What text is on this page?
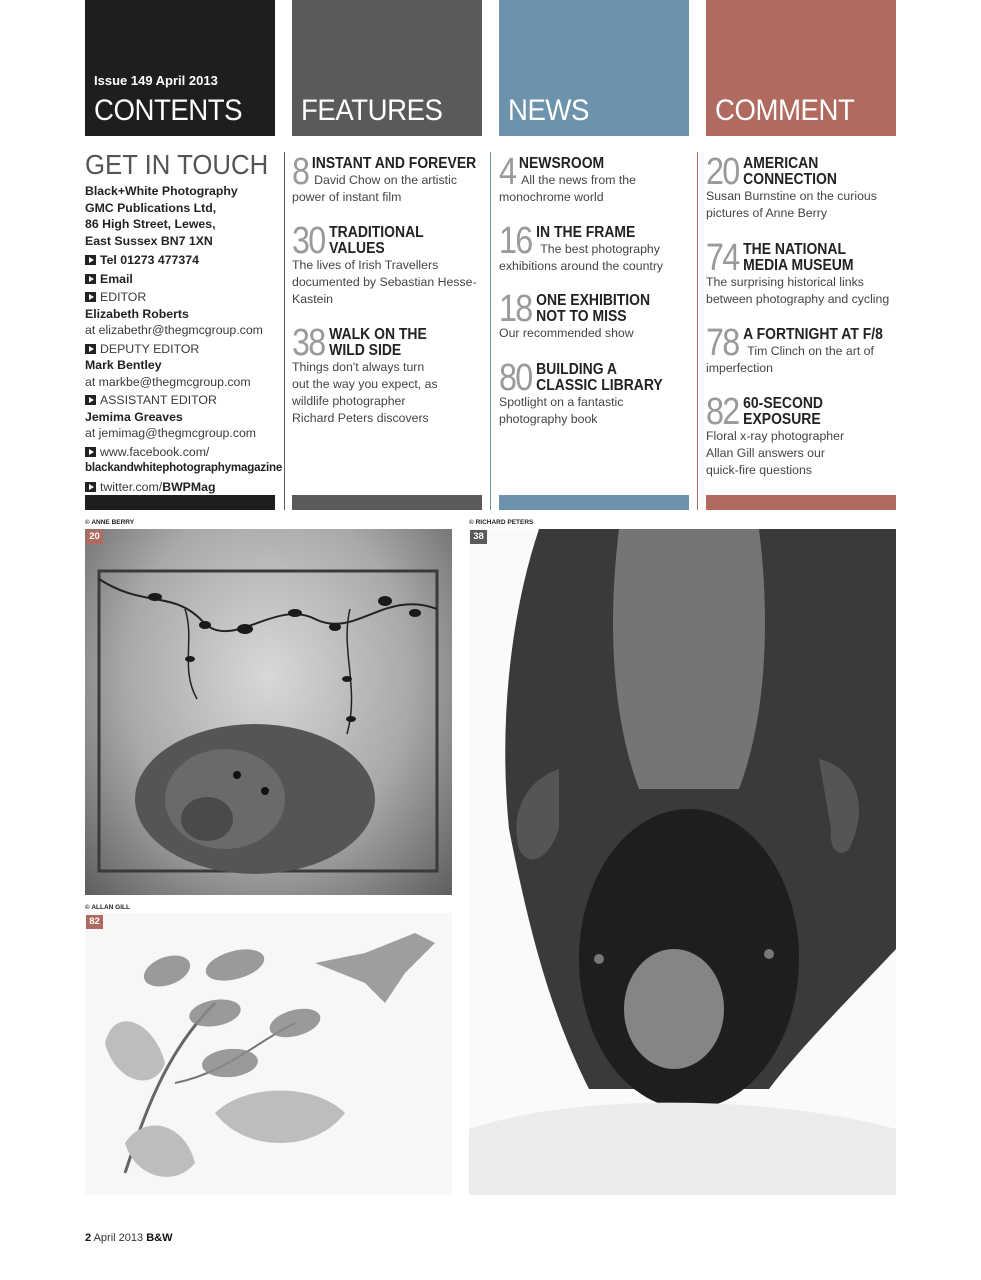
Issue 149 April 2013
CONTENTS FEATURES NEWS	COMMENT
GET IN TOUCH
Black+White Photography
GMC Publications Ltd,
86 High Street, Lewes,
East Sussex BN7 1XN
Tel 01273 477374
Email
EDITOR
Elizabeth Roberts
at elizabethr@thegmcgroup.com
DEPUTY EDITOR
Mark Bentley
at markbe@thegmcgroup.com
ASSISTANT EDITOR
Jemima Greaves
at jemimag@thegmcgroup.com
www.facebook.com/
blackandwhitephotographymagazine
twitter.com/ BWPMag
8 INSTANT AND FOREVER
David Chow on the artistic power of instant film
30 TRADITIONAL
VALUES
The lives of Irish Travellers documented by Sebastian Hesse-Kastein
38 WALK ON THE
WILD SIDE
Things don't always turn out the way you expect, as wildlife photographer Richard Peters discovers
4 NEWSROOM
All the news from the monochrome world
16 IN THE FRAME
The best photography exhibitions around the country
18 ONE EXHIBITION
NOT TO MISS
Our recommended show
80 BUILDING A
CLASSIC LIBRARY
Spotlight on a fantastic photography book
20 AMERICAN
CONNECTION
Susan Burnstine on the curious pictures of Anne Berry
74 THE NATIONAL
MEDIA MUSEUM
The surprising historical links between photography and cycling
78 A FORTNIGHT AT F/8
Tim Clinch on the art of imperfection
82 60-SECOND
EXPOSURE
Floral x-ray photographer Allan Gill answers our quick-fire questions
© ANNE BERRY
20
© ALLAN GILL
82
© RICHARD PETERS
38
2 April 2013 B&W
